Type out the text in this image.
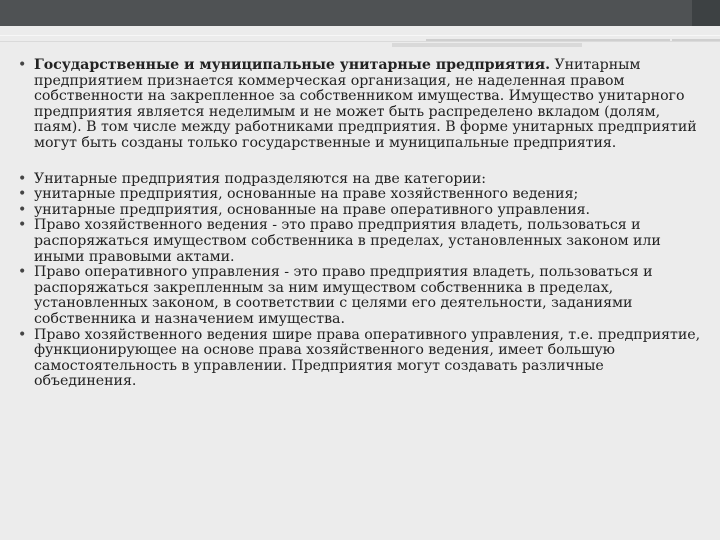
• Государственные и муниципальные унитарные предприятия. Унитарным предприятием признается коммерческая организация, не наделенная правом собственности на закрепленное за собственником имущества. Имущество унитарного предприятия является неделимым и не может быть распределено вкладом (долям, паям). В том числе между работниками предприятия. В форме унитарных предприятий могут быть созданы только государственные и муниципальные предприятия.
• Унитарные предприятия подразделяются на две категории:
• унитарные предприятия, основанные на праве хозяйственного ведения;
• унитарные предприятия, основанные на праве оперативного управления.
• Право хозяйственного ведения - это право предприятия владеть, пользоваться и распоряжаться имуществом собственника в пределах, установленных законом или иными правовыми актами.
• Право оперативного управления - это право предприятия владеть, пользоваться и распоряжаться закрепленным за ним имуществом собственника в пределах, установленных законом, в соответствии с целями его деятельности, заданиями собственника и назначением имущества.
• Право хозяйственного ведения шире права оперативного управления, т.е. предприятие, функционирующее на основе права хозяйственного ведения, имеет большую самостоятельность в управлении. Предприятия могут создавать различные объединения.
